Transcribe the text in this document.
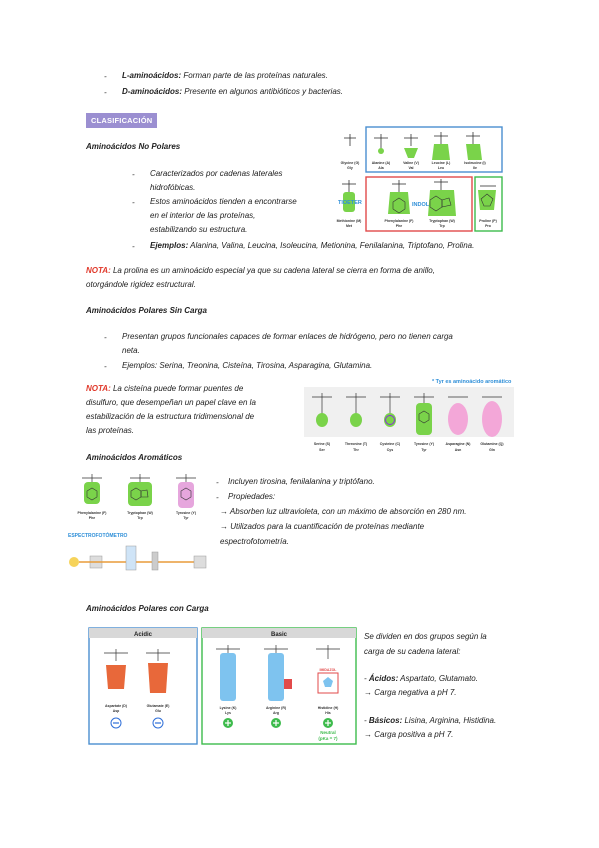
- L-aminoácidos: Forman parte de las proteínas naturales.
- D-aminoácidos: Presente en algunos antibióticos y bacterias.
CLASIFICACIÓN
Aminoácidos No Polares
- Caracterizados por cadenas laterales
hidrofóbicas.
- Estos aminoácidos tienden a encontrarse
en el interior de las proteínas,
estabilizando su estructura.
- Ejemplos: Alanina, Valina, Leucina, Isoleucina, Metionina, Fenilalanina, Triptofano, Prolina.
NOTA: La prolina es un aminoácido especial ya que su cadena lateral se cierra en forma de anillo,
otorgándole rigidez estructural.
Glycine (G)
Gly
Alanine (A)
Ala
Valine (V)
Val
Leucine (L)
Leu
Isoleucine (I)
Ile
TIOETER	INDOL
Methionine (M)
Met
Phenylalanine (F)
Phe
Tryptophan (W)
Trp
Proline (P)
Pro
Aminoácidos Polares Sin Carga
- Presentan grupos funcionales capaces de formar enlaces de hidrógeno, pero no tienen carga
neta.
- Ejemplos: Serina, Treonina, Cisteína, Tirosina, Asparagina, Glutamina.
NOTA: La cisteína puede formar puentes de
disulfuro, que desempeñan un papel clave en la
estabilización de la estructura tridimensional de
las proteínas.
* Tyr es aminoácido aromático
Serine (S)
Ser
Threonine (T)
Thr
Cysteine (C)
Cys
Tyrosine (Y)
Tyr
Asparagine (N)
Asn
Glutamine (Q)
Gln
Aminoácidos Aromáticos
Phenylalanine (F)
Phe
Tryptophan (W)
Trp
Tyrosine (Y)
Tyr
ESPECTROFOTÓMETRO
- Incluyen tirosina, fenilalanina y triptófano.
- Propiedades:
→ Absorben luz ultravioleta, con un máximo de absorción en 280 nm.
→ Utilizados para la cuantificación de proteínas mediante
espectrofotometría.
Aminoácidos Polares con Carga
Acidic	Basic
Aspartate (D)
Asp
Glutamate (E)
Glu
IMIDAZOL
Lysine (K)
Lys
Arginine (R)
Arg
Histidine (H)
His
Neutral
(pKa = 7)
Se dividen en dos grupos según la
carga de su cadena lateral:
- Ácidos: Aspartato, Glutamato.
→ Carga negativa a pH 7.
- Básicos: Lisina, Arginina, Histidina.
→ Carga positiva a pH 7.
